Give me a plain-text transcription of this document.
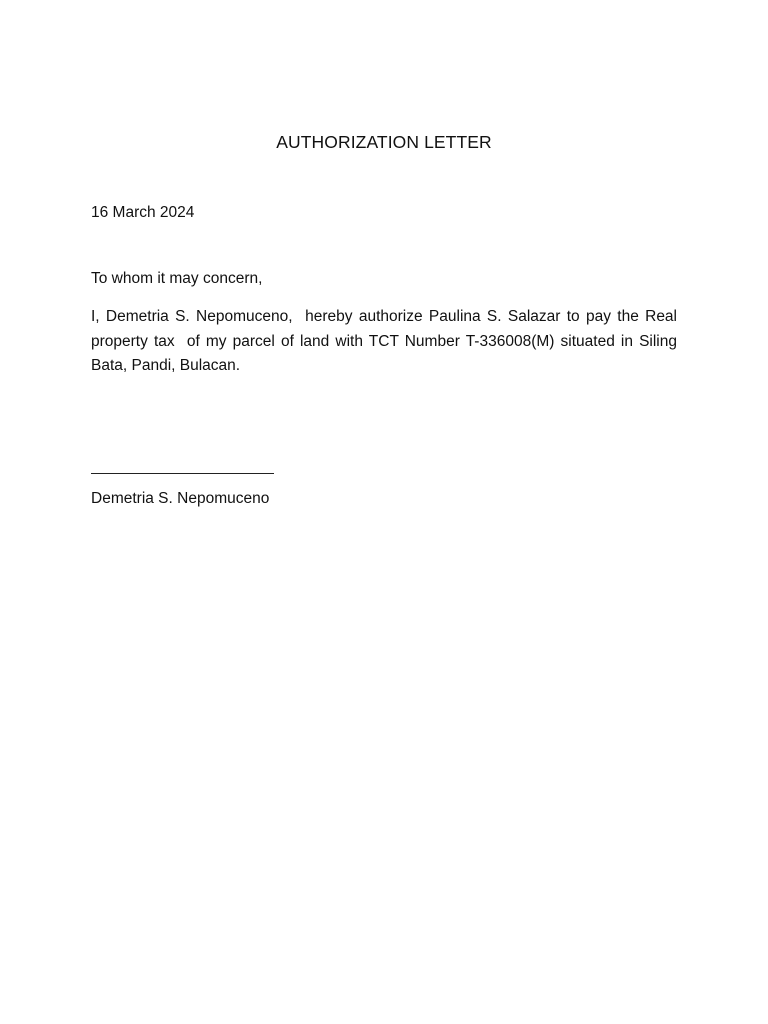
AUTHORIZATION LETTER
16 March 2024
To whom it may concern,
I, Demetria S. Nepomuceno,  hereby authorize Paulina S. Salazar to pay the Real property tax  of my parcel of land with TCT Number T-336008(M) situated in Siling Bata, Pandi, Bulacan.
Demetria S. Nepomuceno
